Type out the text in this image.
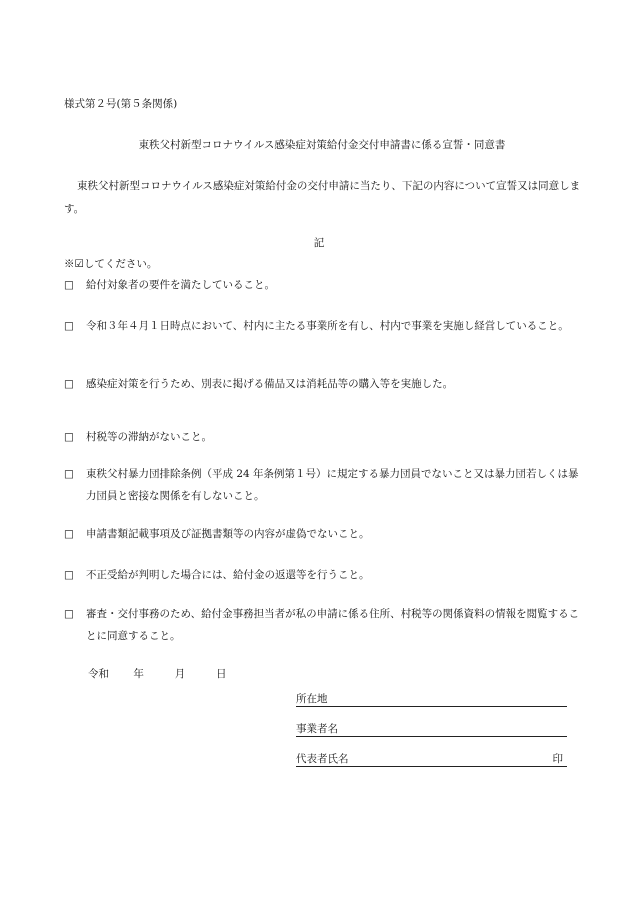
様式第２号(第５条関係)
東秩父村新型コロナウイルス感染症対策給付金交付申請書に係る宣誓・同意書
東秩父村新型コロナウイルス感染症対策給付金の交付申請に当たり、下記の内容について宣誓又は同意します。
記
※☑してください。
□ 給付対象者の要件を満たしていること。
□ 令和３年４月１日時点において、村内に主たる事業所を有し、村内で事業を実施し経営していること。
□ 感染症対策を行うため、別表に掲げる備品又は消耗品等の購入等を実施した。
□ 村税等の滞納がないこと。
□ 東秩父村暴力団排除条例（平成 24 年条例第１号）に規定する暴力団員でないこと又は暴力団若しくは暴力団員と密接な関係を有しないこと。
□ 申請書類記載事項及び証拠書類等の内容が虚偽でないこと。
□ 不正受給が判明した場合には、給付金の返還等を行うこと。
□ 審査・交付事務のため、給付金事務担当者が私の申請に係る住所、村税等の関係資料の情報を閲覧することに同意すること。
令和 年	月	日
所在地
事業者名
代表者氏名	印
